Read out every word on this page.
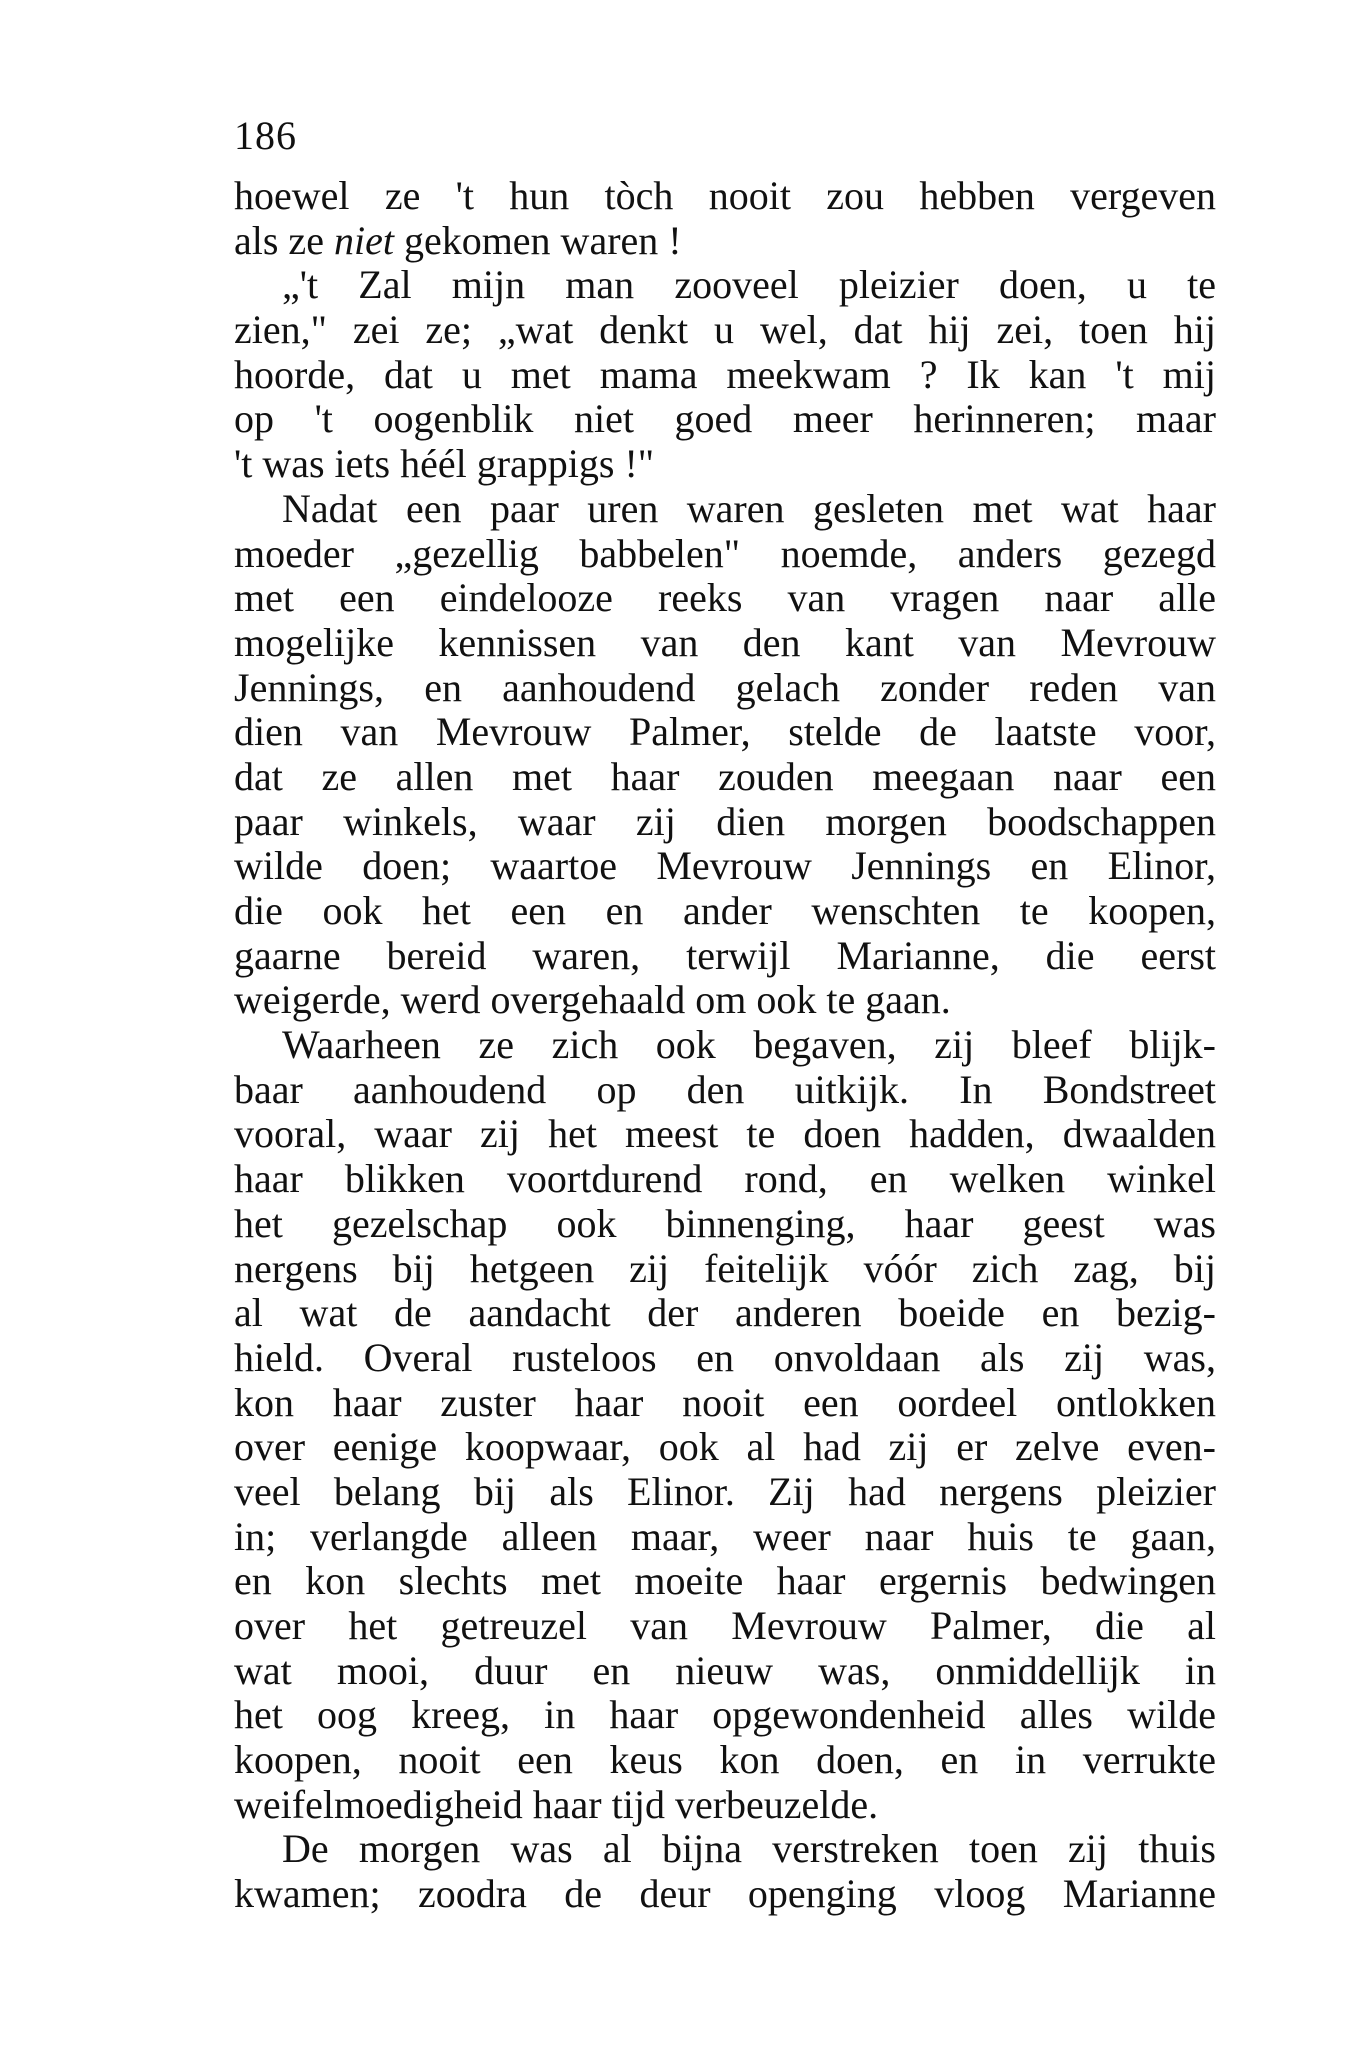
186
hoewel ze 't hun tòch nooit zou hebben vergeven
als ze niet gekomen waren !
„'t Zal mijn man zooveel pleizier doen, u te
zien," zei ze; „wat denkt u wel, dat hij zei, toen hij
hoorde, dat u met mama meekwam ? Ik kan 't mij
op 't oogenblik niet goed meer herinneren; maar
't was iets héél grappigs !"
Nadat een paar uren waren gesleten met wat haar
moeder „gezellig babbelen" noemde, anders gezegd
met een eindelooze reeks van vragen naar alle
mogelijke kennissen van den kant van Mevrouw
Jennings, en aanhoudend gelach zonder reden van
dien van Mevrouw Palmer, stelde de laatste voor,
dat ze allen met haar zouden meegaan naar een
paar winkels, waar zij dien morgen boodschappen
wilde doen; waartoe Mevrouw Jennings en Elinor,
die ook het een en ander wenschten te koopen,
gaarne bereid waren, terwijl Marianne, die eerst
weigerde, werd overgehaald om ook te gaan.
Waarheen ze zich ook begaven, zij bleef blijk-
baar aanhoudend op den uitkijk. In Bondstreet
vooral, waar zij het meest te doen hadden, dwaalden
haar blikken voortdurend rond, en welken winkel
het gezelschap ook binnenging, haar geest was
nergens bij hetgeen zij feitelijk vóór zich zag, bij
al wat de aandacht der anderen boeide en bezig-
hield. Overal rusteloos en onvoldaan als zij was,
kon haar zuster haar nooit een oordeel ontlokken
over eenige koopwaar, ook al had zij er zelve even-
veel belang bij als Elinor. Zij had nergens pleizier
in; verlangde alleen maar, weer naar huis te gaan,
en kon slechts met moeite haar ergernis bedwingen
over het getreuzel van Mevrouw Palmer, die al
wat mooi, duur en nieuw was, onmiddellijk in
het oog kreeg, in haar opgewondenheid alles wilde
koopen, nooit een keus kon doen, en in verrukte
weifelmoedigheid haar tijd verbeuzelde.
De morgen was al bijna verstreken toen zij thuis
kwamen; zoodra de deur openging vloog Marianne
